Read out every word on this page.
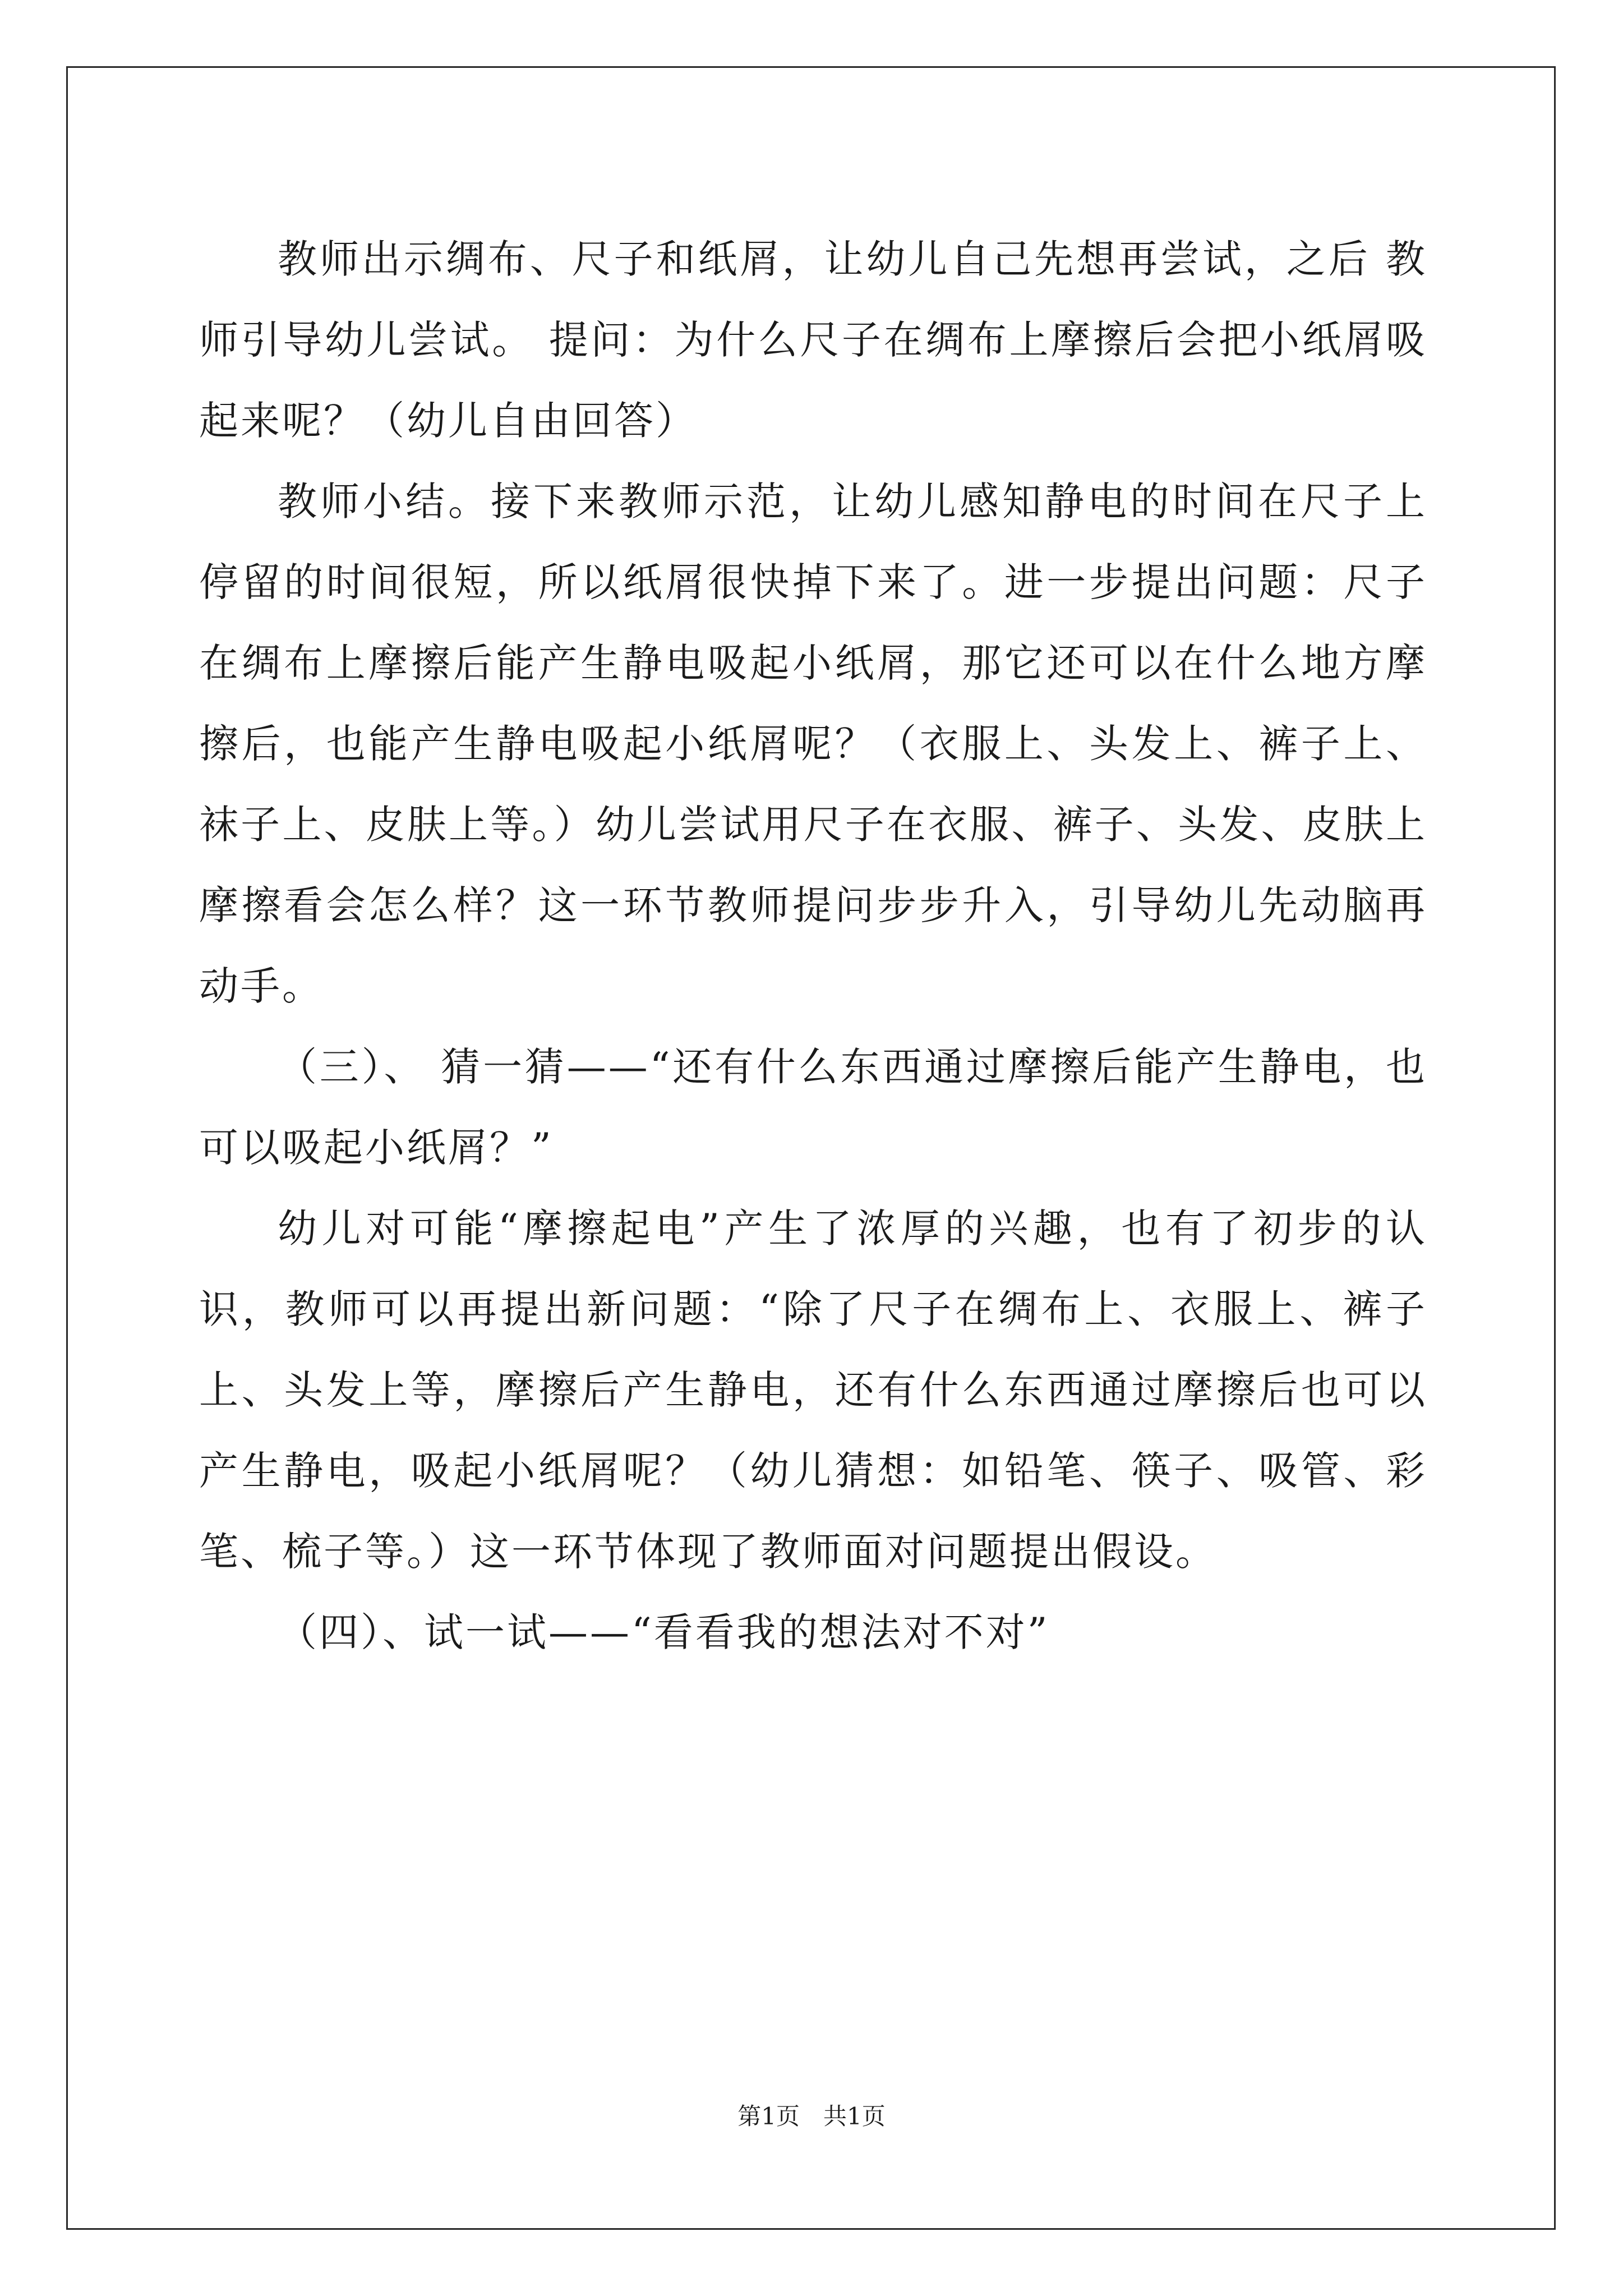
教师出示绸布、尺子和纸屑，让幼儿自己先想再尝试，之后 教师引导幼儿尝试。 提问：为什么尺子在绸布上摩擦后会把小纸屑吸起来呢？（幼儿自由回答）

教师小结。接下来教师示范，让幼儿感知静电的时间在尺子上停留的时间很短，所以纸屑很快掉下来了。进一步提出问题：尺子在绸布上摩擦后能产生静电吸起小纸屑，那它还可以在什么地方摩擦后，也能产生静电吸起小纸屑呢？（衣服上、头发上、裤子上、袜子上、皮肤上等。）幼儿尝试用尺子在衣服、裤子、头发、皮肤上摩擦看会怎么样？这一环节教师提问步步升入，引导幼儿先动脑再动手。

（三）、 猜一猜——“还有什么东西通过摩擦后能产生静电，也可以吸起小纸屑？”

幼儿对可能“摩擦起电”产生了浓厚的兴趣，也有了初步的认识，教师可以再提出新问题：“除了尺子在绸布上、衣服上、裤子上、头发上等，摩擦后产生静电，还有什么东西通过摩擦后也可以产生静电，吸起小纸屑呢？（幼儿猜想：如铅笔、筷子、吸管、彩笔、梳子等。）这一环节体现了教师面对问题提出假设。

（四）、试一试——“看看我的想法对不对”

第1页　共1页
